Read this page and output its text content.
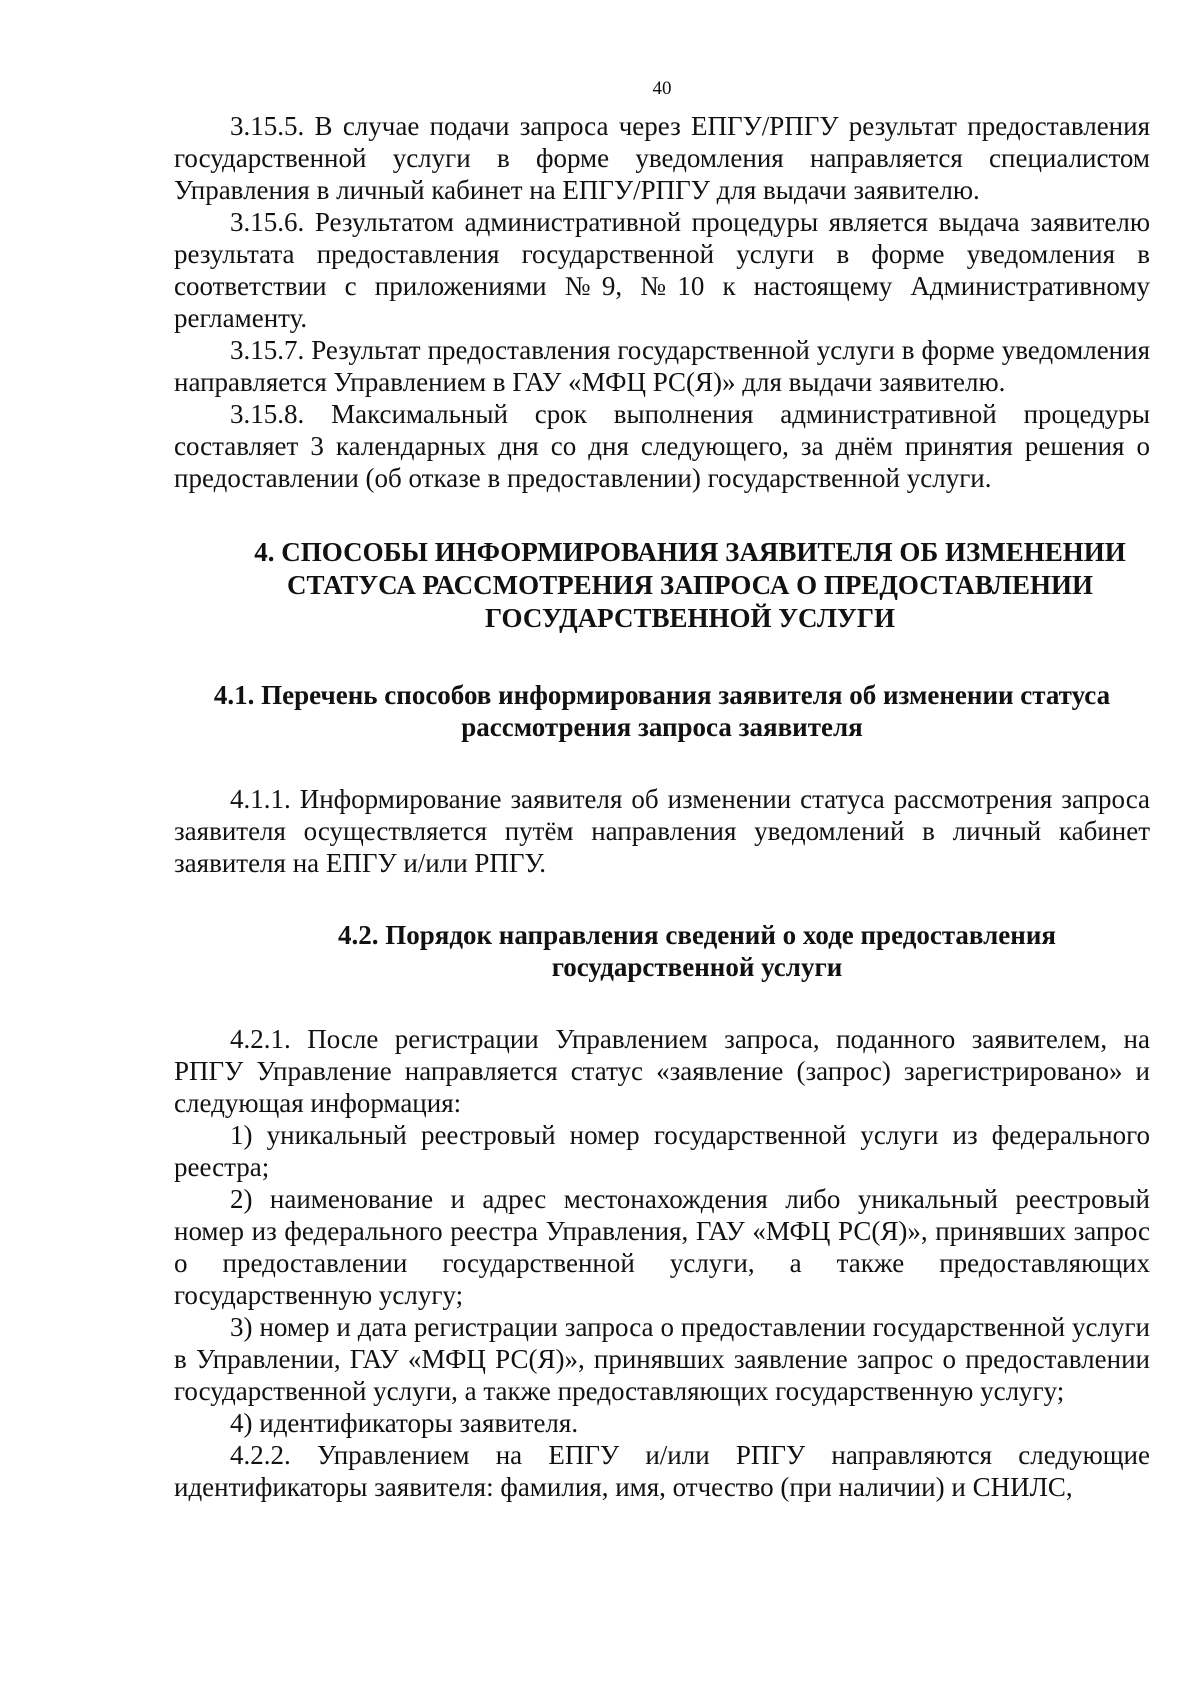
40

3.15.5. В случае подачи запроса через ЕПГУ/РПГУ результат предоставления государственной услуги в форме уведомления направляется специалистом Управления в личный кабинет на ЕПГУ/РПГУ для выдачи заявителю.

3.15.6. Результатом административной процедуры является выдача заявителю результата предоставления государственной услуги в форме уведомления в соответствии с приложениями №9, №10 к настоящему Административному регламенту.

3.15.7. Результат предоставления государственной услуги в форме уведомления направляется Управлением в ГАУ «МФЦ РС(Я)» для выдачи заявителю.

3.15.8. Максимальный срок выполнения административной процедуры составляет 3 календарных дня со дня следующего, за днём принятия решения о предоставлении (об отказе в предоставлении) государственной услуги.

4. СПОСОБЫ ИНФОРМИРОВАНИЯ ЗАЯВИТЕЛЯ ОБ ИЗМЕНЕНИИ СТАТУСА РАССМОТРЕНИЯ ЗАПРОСА О ПРЕДОСТАВЛЕНИИ ГОСУДАРСТВЕННОЙ УСЛУГИ
4.1. Перечень способов информирования заявителя об изменении статуса рассмотрения запроса заявителя

4.1.1. Информирование заявителя об изменении статуса рассмотрения запроса заявителя осуществляется путём направления уведомлений в личный кабинет заявителя на ЕПГУ и/или РПГУ.

4.2. Порядок направления сведений о ходе предоставления государственной услуги

4.2.1. После регистрации Управлением запроса, поданного заявителем, на РПГУ Управление направляется статус «заявление (запрос) зарегистрировано» и следующая информация:

1) уникальный реестровый номер государственной услуги из федерального реестра;

2) наименование и адрес местонахождения либо уникальный реестровый номер из федерального реестра Управления, ГАУ «МФЦ РС(Я)», принявших запрос о предоставлении государственной услуги, а также предоставляющих государственную услугу;

3) номер и дата регистрации запроса о предоставлении государственной услуги в Управлении, ГАУ «МФЦ РС(Я)», принявших заявление запрос о предоставлении государственной услуги, а также предоставляющих государственную услугу;

4) идентификаторы заявителя.

4.2.2. Управлением на ЕПГУ и/или РПГУ направляются следующие идентификаторы заявителя: фамилия, имя, отчество (при наличии) и СНИЛС,
